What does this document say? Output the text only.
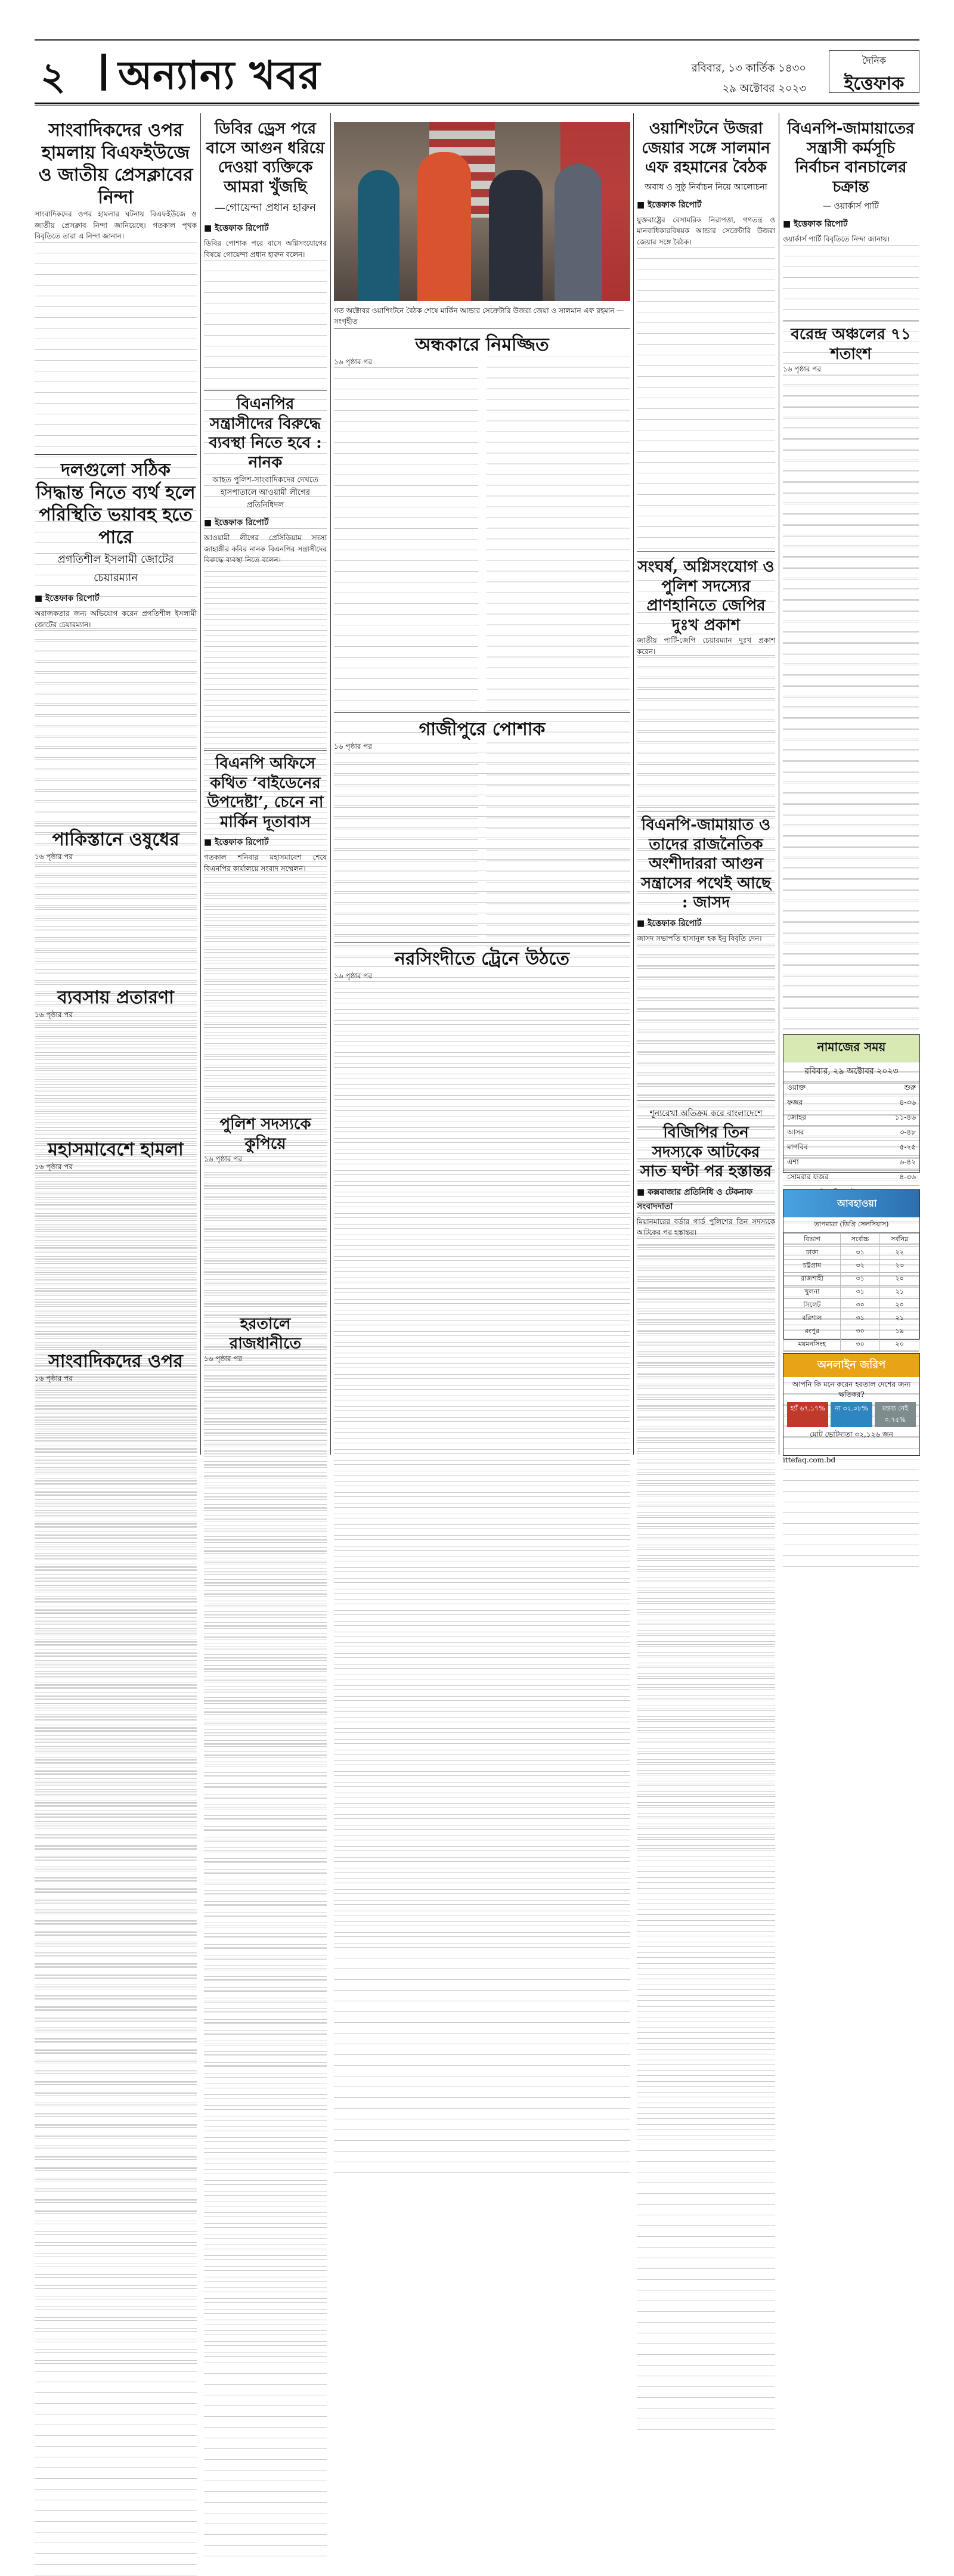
২ অন্যান্য খবর	রবিবার, ১৩ কার্তিক ১৪৩০
২৯ অক্টোবর ২০২৩
দৈনিক
ইত্তেফাক
সাংবাদিকদের ওপর হামলায় বিএফইউজে ও জাতীয় প্রেসক্লাবের নিন্দা

সাংবাদিকদের ওপর হামলার ঘটনায় বিএফইউজে ও জাতীয় প্রেসক্লাব নিন্দা জানিয়েছে। গতকাল পৃথক বিবৃতিতে তারা এ নিন্দা জানান।

দলগুলো সঠিক সিদ্ধান্ত নিতে ব্যর্থ হলে পরিস্থিতি ভয়াবহ হতে পারে
প্রগতিশীল ইসলামী জোটের চেয়ারম্যান
■ ইত্তেফাক রিপোর্ট

অরাজকতার জন্য অভিযোগ করেন প্রগতিশীল ইসলামী জোটের চেয়ারম্যান।

পাকিস্তানে ওষুধের

১৬ পৃষ্ঠার পর

ব্যবসায় প্রতারণা

১৬ পৃষ্ঠার পর

মহাসমাবেশে হামলা

১৬ পৃষ্ঠার পর

সাংবাদিকদের ওপর

১৬ পৃষ্ঠার পর

ডিবির ড্রেস পরে বাসে আগুন ধরিয়ে দেওয়া ব্যক্তিকে আমরা খুঁজছি
—গোয়েন্দা প্রধান হারুন
■ ইত্তেফাক রিপোর্ট

ডিবির পোশাক পরে বাসে অগ্নিসংযোগের বিষয়ে গোয়েন্দা প্রধান হারুন বলেন।

বিএনপির সন্ত্রাসীদের বিরুদ্ধে ব্যবস্থা নিতে হবে : নানক
আহত পুলিশ-সাংবাদিকদের দেখতে হাসপাতালে আওয়ামী লীগের প্রতিনিধিদল
■ ইত্তেফাক রিপোর্ট

আওয়ামী লীগের প্রেসিডিয়াম সদস্য জাহাঙ্গীর কবির নানক বিএনপির সন্ত্রাসীদের বিরুদ্ধে ব্যবস্থা নিতে বলেন।

বিএনপি অফিসে কথিত ‘বাইডেনের উপদেষ্টা’, চেনে না মার্কিন দূতাবাস
■ ইত্তেফাক রিপোর্ট

গতকাল শনিবার মহাসমাবেশ শেষে বিএনপির কার্যালয়ে সংবাদ সম্মেলন।

পুলিশ সদস্যকে কুপিয়ে

১৬ পৃষ্ঠার পর

হরতালে রাজধানীতে

১৬ পৃষ্ঠার পর

গত অক্টোবর ওয়াশিংটনে বৈঠক শেষে মার্কিন আন্ডার সেক্রেটারি উজরা জেয়া ও সালমান এফ রহমান —সংগৃহীত
অন্ধকারে নিমজ্জিত

১৬ পৃষ্ঠার পর

গাজীপুরে পোশাক

১৬ পৃষ্ঠার পর

নরসিংদীতে ট্রেনে উঠতে

১৬ পৃষ্ঠার পর

ওয়াশিংটনে উজরা জেয়ার সঙ্গে সালমান এফ রহমানের বৈঠক
অবাধ ও সুষ্ঠু নির্বাচন নিয়ে আলোচনা
■ ইত্তেফাক রিপোর্ট

যুক্তরাষ্ট্রের বেসামরিক নিরাপত্তা, গণতন্ত্র ও মানবাধিকারবিষয়ক আন্ডার সেক্রেটারি উজরা জেয়ার সঙ্গে বৈঠক।

সংঘর্ষ, অগ্নিসংযোগ ও পুলিশ সদস্যের প্রাণহানিতে জেপির দুঃখ প্রকাশ

জাতীয় পার্টি-জেপি চেয়ারম্যান দুঃখ প্রকাশ করেন।

বিএনপি-জামায়াত ও তাদের রাজনৈতিক অংশীদাররা আগুন সন্ত্রাসের পথেই আছে : জাসদ
■ ইত্তেফাক রিপোর্ট

জাসদ সভাপতি হাসানুল হক ইনু বিবৃতি দেন।

শূন্যরেখা অতিক্রম করে বাংলাদেশে
বিজিপির তিন সদস্যকে আটকের সাত ঘণ্টা পর হস্তান্তর
■ কক্সবাজার প্রতিনিধি ও টেকনাফ সংবাদদাতা

মিয়ানমারের বর্ডার গার্ড পুলিশের তিন সদস্যকে আটকের পর হস্তান্তর।

বিএনপি-জামায়াতের সন্ত্রাসী কর্মসূচি নির্বাচন বানচালের চক্রান্ত
— ওয়ার্কার্স পার্টি
■ ইত্তেফাক রিপোর্ট

ওয়ার্কার্স পার্টি বিবৃতিতে নিন্দা জানায়।

বরেন্দ্র অঞ্চলের ৭১ শতাংশ

১৬ পৃষ্ঠার পর

নামাজের সময়
রবিবার, ২৯ অক্টোবর ২০২৩
ওয়াক্ত	শুরু
ফজর	৪-৩৬
জোহর	১১-৪৬
আসর	৩-৪৮
মাগরিব	৫-২৫
এশা	৬-৪২
সোমবার ফজর	৪-৩৬
আবহাওয়া
তাপমাত্রা (ডিগ্রি সেলসিয়াস)
বিভাগ	সর্বোচ্চ	সর্বনিম্ন
ঢাকা	৩১	২২
চট্টগ্রাম	৩২	২৩
রাজশাহী	৩১	২০
খুলনা	৩১	২১
সিলেট	৩০	২০
বরিশাল	৩১	২১
রংপুর	৩০	১৯
ময়মনসিংহ	৩০	২০
অনলাইন জরিপ
আপনি কি মনে করেন হরতাল দেশের জন্য ক্ষতিকর?
হ্যাঁ ৬৭.১৭%	না ৩২.০৮%	মন্তব্য নেই ০.৭৫%
মোট ভোটদাতা ৩২,১২৬ জন
ittefaq.com.bd
